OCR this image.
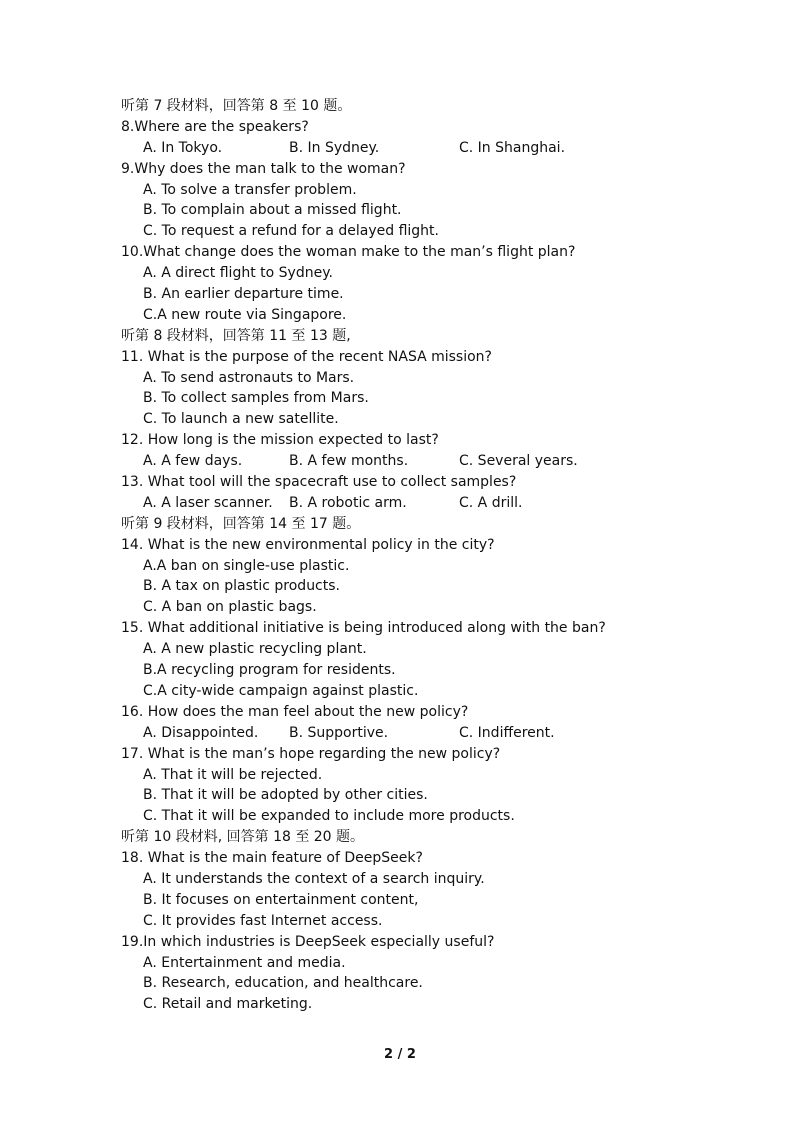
听第 7 段材料，回答第 8 至 10 题。
8.Where are the speakers?
A. In Tokyo.	B. In Sydney.	C. In Shanghai.
9.Why does the man talk to the woman?
A. To solve a transfer problem.
B. To complain about a missed flight.
C. To request a refund for a delayed flight.
10.What change does the woman make to the man’s flight plan?
A. A direct flight to Sydney.
B. An earlier departure time.
C.A new route via Singapore.
听第 8 段材料，回答第 11 至 13 题,
11. What is the purpose of the recent NASA mission?
A. To send astronauts to Mars.
B. To collect samples from Mars.
C. To launch a new satellite.
12. How long is the mission expected to last?
A. A few days.	B. A few months.	C. Several years.
13. What tool will the spacecraft use to collect samples?
A. A laser scanner. B. A robotic arm.	C. A drill.
听第 9 段材料，回答第 14 至 17 题。
14. What is the new environmental policy in the city?
A.A ban on single-use plastic.
B. A tax on plastic products.
C. A ban on plastic bags.
15. What additional initiative is being introduced along with the ban?
A. A new plastic recycling plant.
B.A recycling program for residents.
C.A city-wide campaign against plastic.
16. How does the man feel about the new policy?
A. Disappointed. B. Supportive.	C. Indifferent.
17. What is the man’s hope regarding the new policy?
A. That it will be rejected.
B. That it will be adopted by other cities.
C. That it will be expanded to include more products.
听第 10 段材料, 回答第 18 至 20 题。
18. What is the main feature of DeepSeek?
A. It understands the context of a search inquiry.
B. It focuses on entertainment content,
C. It provides fast Internet access.
19.In which industries is DeepSeek especially useful?
A. Entertainment and media.
B. Research, education, and healthcare.
C. Retail and marketing.
2 / 2
